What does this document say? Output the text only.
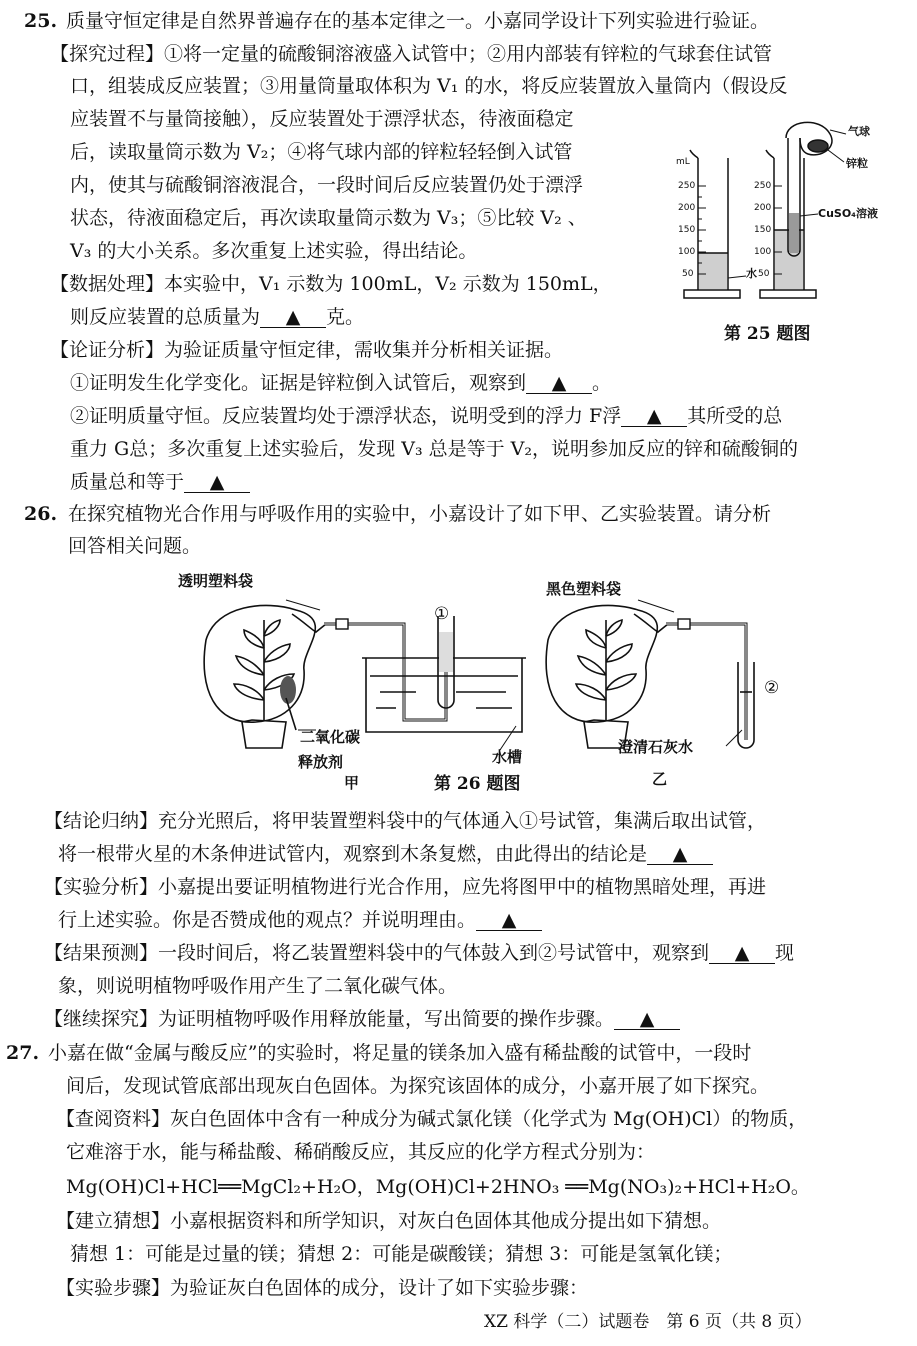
25. 质量守恒定律是自然界普遍存在的基本定律之一。小嘉同学设计下列实验进行验证。
【探究过程】①将一定量的硫酸铜溶液盛入试管中；②用内部装有锌粒的气球套住试管
口，组装成反应装置；③用量筒量取体积为 V₁ 的水，将反应装置放入量筒内（假设反
应装置不与量筒接触），反应装置处于漂浮状态，待液面稳定
后，读取量筒示数为 V₂；④将气球内部的锌粒轻轻倒入试管
内，使其与硫酸铜溶液混合，一段时间后反应装置仍处于漂浮
状态，待液面稳定后，再次读取量筒示数为 V₃；⑤比较 V₂ 、
V₃ 的大小关系。多次重复上述实验，得出结论。
【数据处理】本实验中，V₁ 示数为 100mL，V₂ 示数为 150mL，
则反应装置的总质量为 ▲ 克。
【论证分析】为验证质量守恒定律，需收集并分析相关证据。
①证明发生化学变化。证据是锌粒倒入试管后，观察到 ▲ 。
②证明质量守恒。反应装置均处于漂浮状态，说明受到的浮力 F浮 ▲ 其所受的总
重力 G总；多次重复上述实验后，发现 V₃ 总是等于 V₂，说明参加反应的锌和硫酸铜的
质量总和等于 ▲
mL
250
200
150
100
50
250
200
150
100
50
气球
锌粒
CuSO₄溶液
水
第 25 题图
26. 在探究植物光合作用与呼吸作用的实验中，小嘉设计了如下甲、乙实验装置。请分析
回答相关问题。
透明塑料袋	黑色塑料袋
①
②
二氧化碳
释放剂	水槽
澄清石灰水
甲	第 26 题图	乙
【结论归纳】充分光照后，将甲装置塑料袋中的气体通入①号试管，集满后取出试管，
将一根带火星的木条伸进试管内，观察到木条复燃，由此得出的结论是 ▲
【实验分析】小嘉提出要证明植物进行光合作用，应先将图甲中的植物黑暗处理，再进
行上述实验。你是否赞成他的观点？并说明理由。 ▲
【结果预测】一段时间后，将乙装置塑料袋中的气体鼓入到②号试管中，观察到 ▲ 现
象，则说明植物呼吸作用产生了二氧化碳气体。
【继续探究】为证明植物呼吸作用释放能量，写出简要的操作步骤。 ▲
27. 小嘉在做“金属与酸反应”的实验时，将足量的镁条加入盛有稀盐酸的试管中，一段时
间后，发现试管底部出现灰白色固体。为探究该固体的成分，小嘉开展了如下探究。
【查阅资料】灰白色固体中含有一种成分为碱式氯化镁（化学式为 Mg(OH)Cl）的物质，
它难溶于水，能与稀盐酸、稀硝酸反应，其反应的化学方程式分别为：
Mg(OH)Cl+HCl══MgCl₂+H₂O，Mg(OH)Cl+2HNO₃ ══Mg(NO₃)₂+HCl+H₂O。
【建立猜想】小嘉根据资料和所学知识，对灰白色固体其他成分提出如下猜想。
猜想 1：可能是过量的镁；猜想 2：可能是碳酸镁；猜想 3：可能是氢氧化镁；
【实验步骤】为验证灰白色固体的成分，设计了如下实验步骤：
XZ 科学（二）试题卷　第 6 页（共 8 页）
